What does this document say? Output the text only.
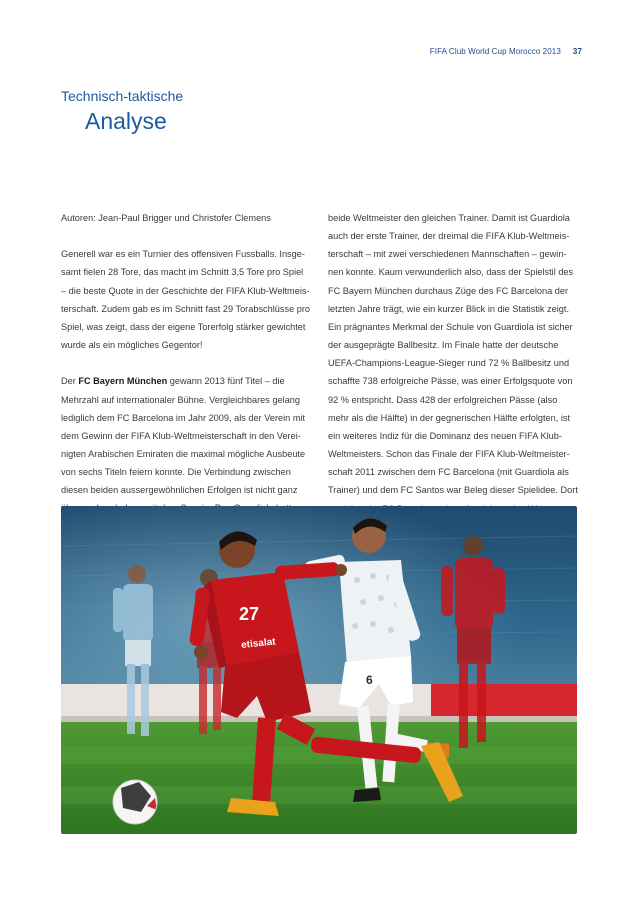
FIFA Club World Cup Morocco 2013 37
Technisch-taktische
Analyse

Autoren: Jean-Paul Brigger und Christofer Clemens

Generell war es ein Turnier des offensiven Fussballs. Insge-
samt fielen 28 Tore, das macht im Schnitt 3,5 Tore pro Spiel
– die beste Quote in der Geschichte der FIFA Klub-Weltmeis-
terschaft. Zudem gab es im Schnitt fast 29 Torabschlüsse pro
Spiel, was zeigt, dass der eigene Torerfolg stärker gewichtet
wurde als ein mögliches Gegentor!

Der FC Bayern München gewann 2013 fünf Titel – die
Mehrzahl auf internationaler Bühne. Vergleichbares gelang
lediglich dem FC Barcelona im Jahr 2009, als der Verein mit
dem Gewinn der FIFA Klub-Weltmeisterschaft in den Verei-
nigten Arabischen Emiraten die maximal mögliche Ausbeute
von sechs Titeln feiern konnte. Die Verbindung zwischen
diesen beiden aussergewöhnlichen Erfolgen ist nicht ganz

beide Weltmeister den gleichen Trainer. Damit ist Guardiola
auch der erste Trainer, der dreimal die FIFA Klub-Weltmeis-
terschaft – mit zwei verschiedenen Mannschaften – gewin-
nen konnte. Kaum verwunderlich also, dass der Spielstil des
FC Bayern München durchaus Züge des FC Barcelona der
letzten Jahre trägt, wie ein kurzer Blick in die Statistik zeigt.
Ein prägnantes Merkmal der Schule von Guardiola ist sicher
der ausgeprägte Ballbesitz. Im Finale hatte der deutsche
UEFA-Champions-League-Sieger rund 72 % Ballbesitz und
schaffte 738 erfolgreiche Pässe, was einer Erfolgsquote von
92 % entspricht. Dass 428 der erfolgreichen Pässe (also
mehr als die Hälfte) in der gegnerischen Hälfte erfolgten, ist
ein weiteres Indiz für die Dominanz des neuen FIFA Klub-
Weltmeisters. Schon das Finale der FIFA Klub-Weltmeister-
schaft 2011 zwischen dem FC Barcelona (mit Guardiola als
Trainer) und dem FC Santos war Beleg dieser Spielidee. Dort

6
27
etisalat
